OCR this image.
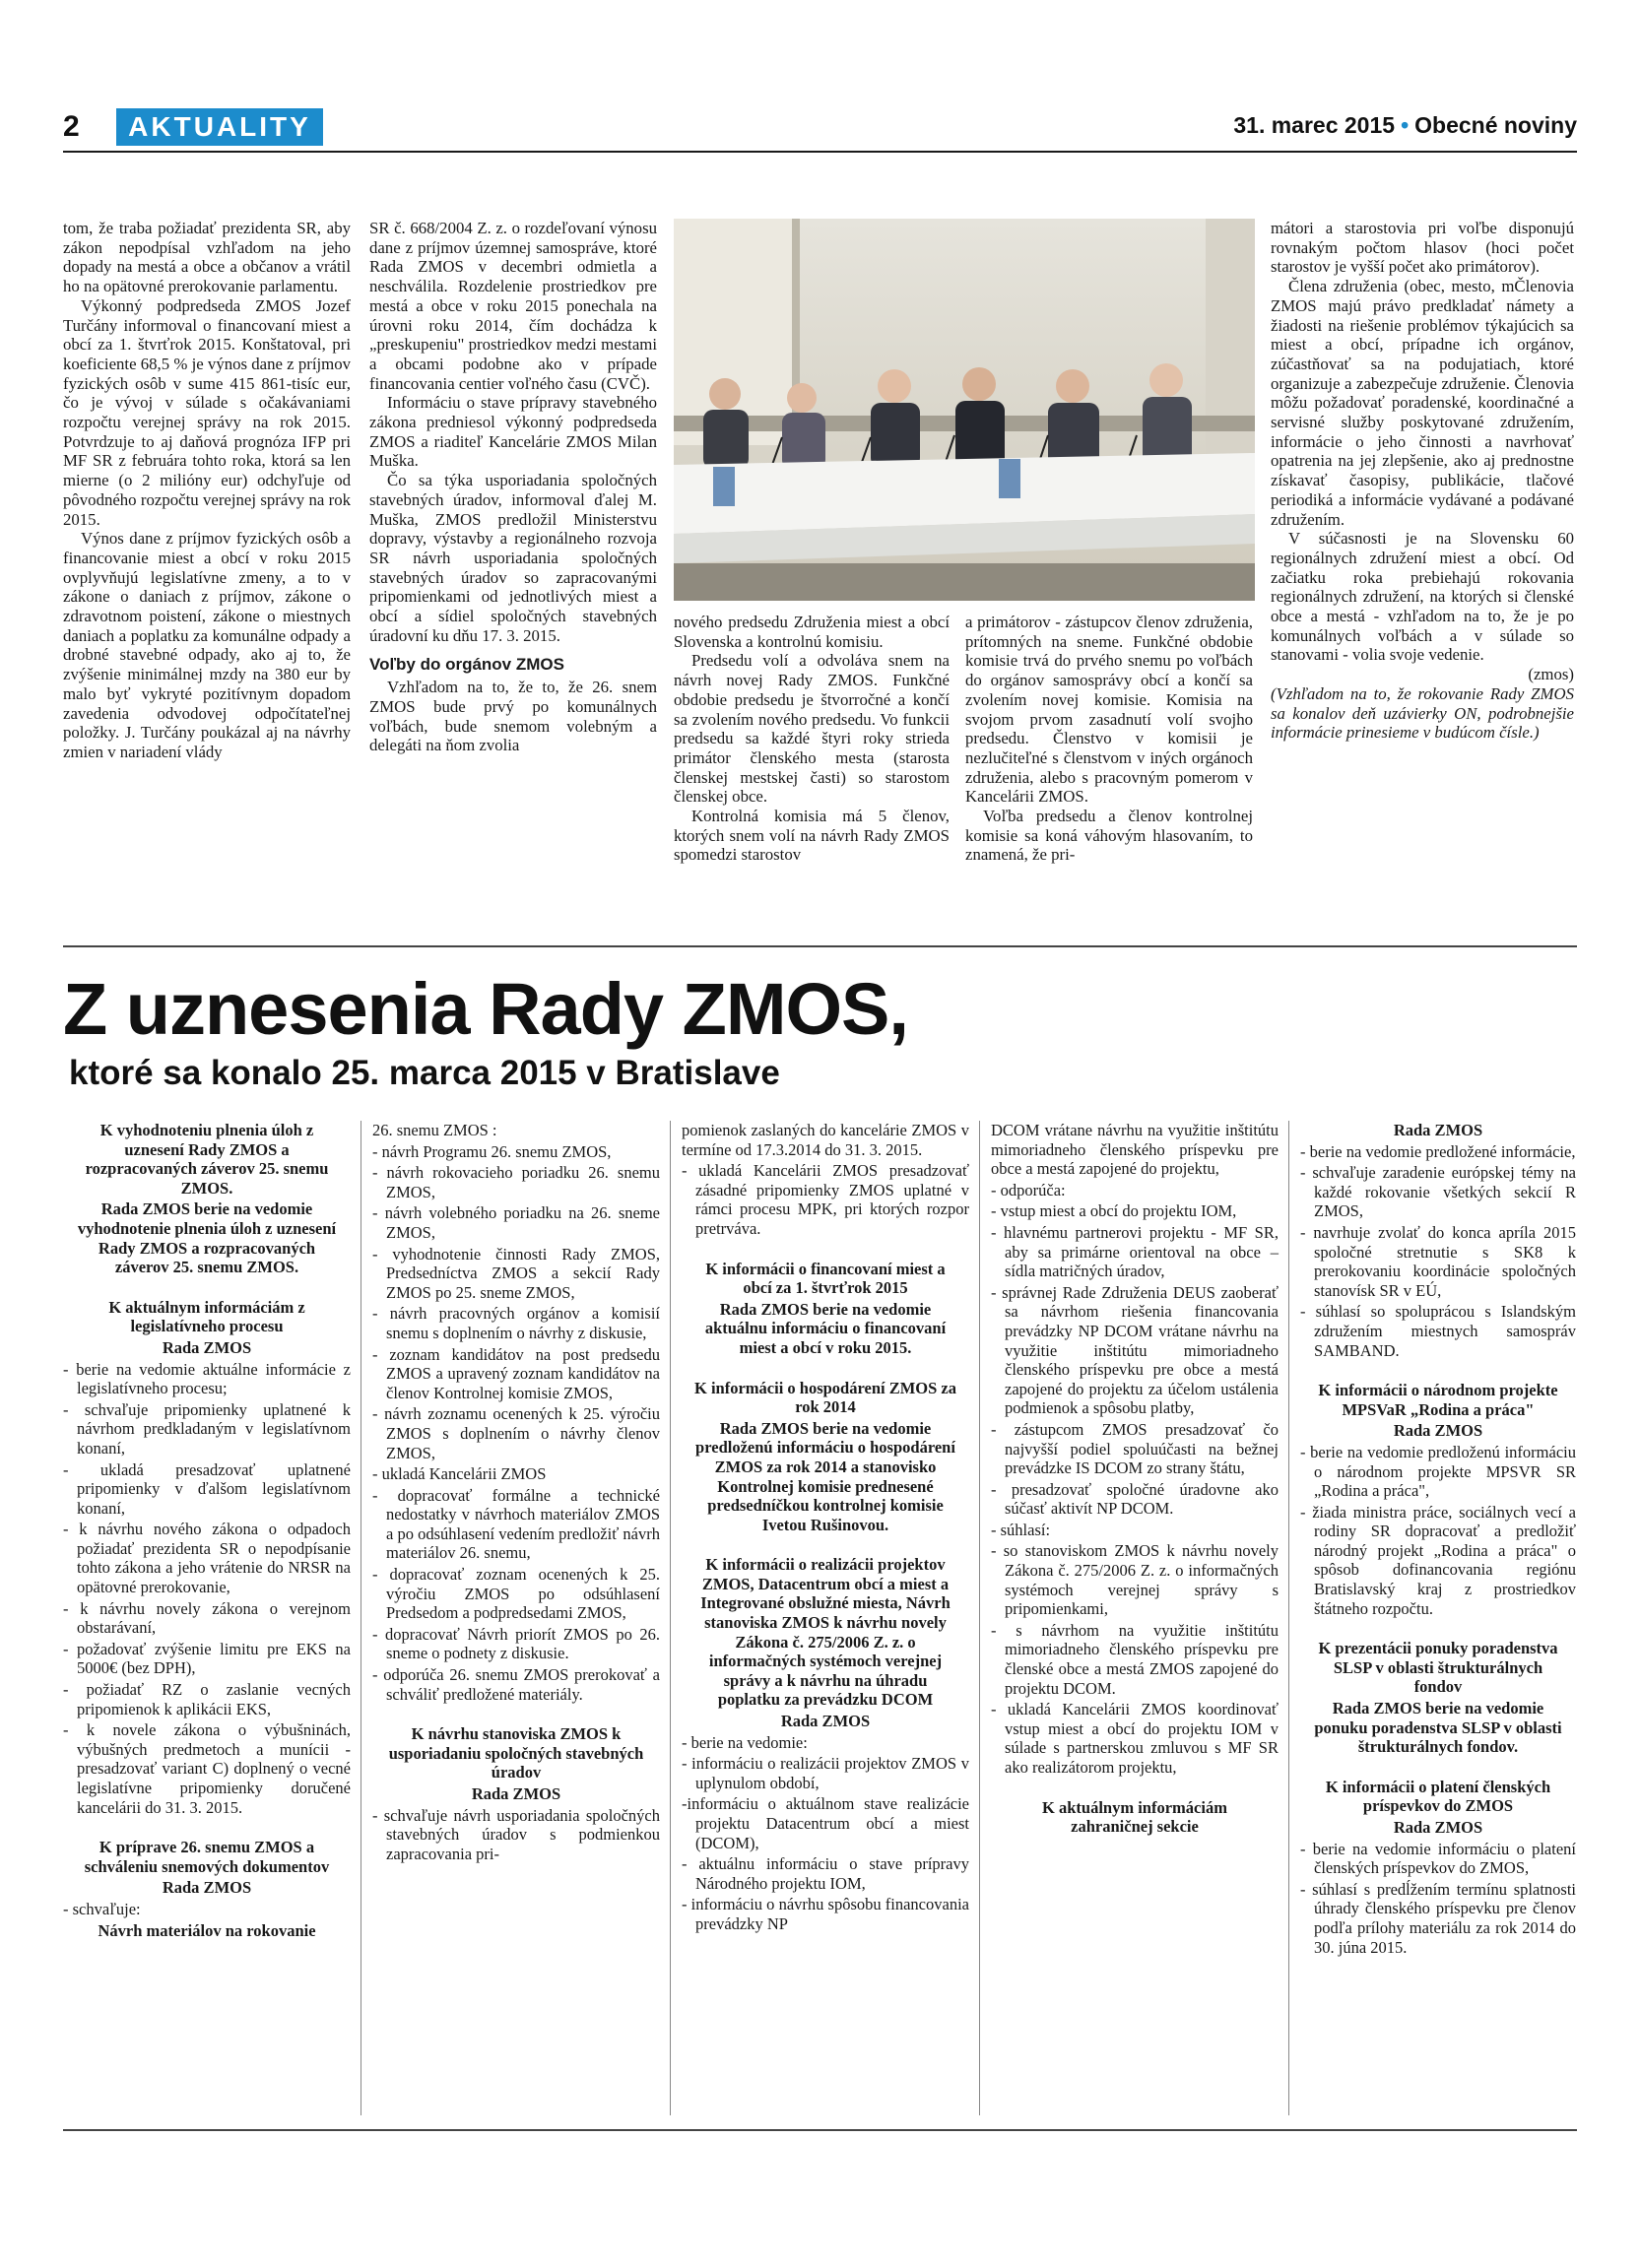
2	AKTUALITY	31. marec 2015 • Obecné noviny

tom, že traba požiadať prezidenta SR, aby zákon nepodpísal vzhľadom na jeho dopady na mestá a obce a občanov a vrátil ho na opätovné prerokovanie parlamentu.

Výkonný podpredseda ZMOS Jozef Turčány informoval o financovaní miest a obcí za 1. štvrťrok 2015. Konštatoval, pri koeficiente 68,5 % je výnos dane z príjmov fyzických osôb v sume 415 861-tisíc eur, čo je vývoj v súlade s očakávaniami rozpočtu verejnej správy na rok 2015. Potvrdzuje to aj daňová prognóza IFP pri MF SR z februára tohto roka, ktorá sa len mierne (o 2 milióny eur) odchyľuje od pôvodného rozpočtu verejnej správy na rok 2015.

Výnos dane z príjmov fyzických osôb a financovanie miest a obcí v roku 2015 ovplyvňujú legislatívne zmeny, a to v zákone o daniach z príjmov, zákone o zdravotnom poistení, zákone o miestnych daniach a poplatku za komunálne odpady a drobné stavebné odpady, ako aj to, že zvýšenie minimálnej mzdy na 380 eur by malo byť vykryté pozitívnym dopadom zavedenia odvodovej odpočítateľnej položky. J. Turčány poukázal aj na návrhy zmien v nariadení vlády

SR č. 668/2004 Z. z. o rozdeľovaní výnosu dane z príjmov územnej samospráve, ktoré Rada ZMOS v decembri odmietla a neschválila. Rozdelenie prostriedkov pre mestá a obce v roku 2015 ponechala na úrovni roku 2014, čím dochádza k „preskupeniu" prostriedkov medzi mestami a obcami podobne ako v prípade financovania centier voľného času (CVČ).

Informáciu o stave prípravy stavebného zákona predniesol výkonný podpredseda ZMOS a riaditeľ Kancelárie ZMOS Milan Muška.

Čo sa týka usporiadania spoločných stavebných úradov, informoval ďalej M. Muška, ZMOS predložil Ministerstvu dopravy, výstavby a regionálneho rozvoja SR návrh usporiadania spoločných stavebných úradov so zapracovanými pripomienkami od jednotlivých miest a obcí a sídiel spoločných stavebných úradovní ku dňu 17. 3. 2015.

Voľby do orgánov ZMOS

Vzhľadom na to, že to, že 26. snem ZMOS bude prvý po komunálnych voľbách, bude snemom volebným a delegáti na ňom zvolia

nového predsedu Združenia miest a obcí Slovenska a kontrolnú komisiu.

Predsedu volí a odvoláva snem na návrh novej Rady ZMOS. Funkčné obdobie predsedu je štvorročné a končí sa zvolením nového predsedu. Vo funkcii predsedu sa každé štyri roky strieda primátor členského mesta (starosta členskej mestskej časti) so starostom členskej obce.

Kontrolná komisia má 5 členov, ktorých snem volí na návrh Rady ZMOS spomedzi starostov

a primátorov - zástupcov členov združenia, prítomných na sneme. Funkčné obdobie komisie trvá do prvého snemu po voľbách do orgánov samosprávy obcí a končí sa zvolením novej komisie. Komisia na svojom prvom zasadnutí volí svojho predsedu. Členstvo v komisii je nezlučiteľné s členstvom v iných orgánoch združenia, alebo s pracovným pomerom v Kancelárii ZMOS.

Voľba predsedu a členov kontrolnej komisie sa koná váhovým hlasovaním, to znamená, že pri-

mátori a starostovia pri voľbe disponujú rovnakým počtom hlasov (hoci počet starostov je vyšší počet ako primátorov).

Člena združenia (obec, mesto, mČlenovia ZMOS majú právo predkladať námety a žiadosti na riešenie problémov týkajúcich sa miest a obcí, prípadne ich orgánov, zúčastňovať sa na podujatiach, ktoré organizuje a zabezpečuje združenie. Členovia môžu požadovať poradenské, koordinačné a servisné služby poskytované združením, informácie o jeho činnosti a navrhovať opatrenia na jej zlepšenie, ako aj prednostne získavať časopisy, publikácie, tlačové periodiká a informácie vydávané a podávané združením.

V súčasnosti je na Slovensku 60 regionálnych združení miest a obcí. Od začiatku roka prebiehajú rokovania regionálnych združení, na ktorých si členské obce a mestá - vzhľadom na to, že je po komunálnych voľbách a v súlade so stanovami - volia svoje vedenie.

(zmos)

(Vzhľadom na to, že rokovanie Rady ZMOS sa konalov deň uzávierky ON, podrobnejšie informácie prinesieme v budúcom čísle.)

Z uznesenia Rady ZMOS,
ktoré sa konalo 25. marca 2015 v Bratislave

K vyhodnoteniu plnenia úloh z uznesení Rady ZMOS a rozpracovaných záverov 25. snemu ZMOS.

Rada ZMOS berie na vedomie vyhodnotenie plnenia úloh z uznesení Rady ZMOS a rozpracovaných záverov 25. snemu ZMOS.

K aktuálnym informáciám z legislatívneho procesu

Rada ZMOS

- berie na vedomie aktuálne informácie z legislatívneho procesu;

- schvaľuje pripomienky uplatnené k návrhom predkladaným v legislatívnom konaní,

- ukladá presadzovať uplatnené pripomienky v ďalšom legislatívnom konaní,

- k návrhu nového zákona o odpadoch požiadať prezidenta SR o nepodpísanie tohto zákona a jeho vrátenie do NRSR na opätovné prerokovanie,

- k návrhu novely zákona o verejnom obstarávaní,

- požadovať zvýšenie limitu pre EKS na 5000€ (bez DPH),

- požiadať RZ o zaslanie vecných pripomienok k aplikácii EKS,

- k novele zákona o výbušninách, výbušných predmetoch a munícii - presadzovať variant C) doplnený o vecné legislatívne pripomienky doručené kancelárii do 31. 3. 2015.

K príprave 26. snemu ZMOS a schváleniu snemových dokumentov

Rada ZMOS

- schvaľuje:

Návrh materiálov na rokovanie

26. snemu ZMOS :

- návrh Programu 26. snemu ZMOS,

- návrh rokovacieho poriadku 26. snemu ZMOS,

- návrh volebného poriadku na 26. sneme ZMOS,

- vyhodnotenie činnosti Rady ZMOS, Predsedníctva ZMOS a sekcií Rady ZMOS po 25. sneme ZMOS,

- návrh pracovných orgánov a komisií snemu s doplnením o návrhy z diskusie,

- zoznam kandidátov na post predsedu ZMOS a upravený zoznam kandidátov na členov Kontrolnej komisie ZMOS,

- návrh zoznamu ocenených k 25. výročiu ZMOS s doplnením o návrhy členov ZMOS,

- ukladá Kancelárii ZMOS

- dopracovať formálne a technické nedostatky v návrhoch materiálov ZMOS a po odsúhlasení vedením predložiť návrh materiálov 26. snemu,

- dopracovať zoznam ocenených k 25. výročiu ZMOS po odsúhlasení Predsedom a podpredsedami ZMOS,

- dopracovať Návrh priorít ZMOS po 26. sneme o podnety z diskusie.

- odporúča 26. snemu ZMOS prerokovať a schváliť predložené materiály.

K návrhu stanoviska ZMOS k usporiadaniu spoločných stavebných úradov

Rada ZMOS

- schvaľuje návrh usporiadania spoločných stavebných úradov s podmienkou zapracovania pri-

pomienok zaslaných do kancelárie ZMOS v termíne od 17.3.2014 do 31. 3. 2015.

- ukladá Kancelárii ZMOS presadzovať zásadné pripomienky ZMOS uplatné v rámci procesu MPK, pri ktorých rozpor pretrváva.

K informácii o financovaní miest a obcí za 1. štvrťrok 2015

Rada ZMOS berie na vedomie aktuálnu informáciu o financovaní miest a obcí v roku 2015.

K informácii o hospodárení ZMOS za rok 2014

Rada ZMOS berie na vedomie predloženú informáciu o hospodárení ZMOS za rok 2014 a stanovisko Kontrolnej komisie prednesené predsedníčkou kontrolnej komisie Ivetou Rušinovou.

K informácii o realizácii projektov ZMOS, Datacentrum obcí a miest a Integrované obslužné miesta, Návrh stanoviska ZMOS k návrhu novely Zákona č. 275/2006 Z. z. o informačných systémoch verejnej správy a k návrhu na úhradu poplatku za prevádzku DCOM

Rada ZMOS

- berie na vedomie:

- informáciu o realizácii projektov ZMOS v uplynulom období,

-informáciu o aktuálnom stave realizácie projektu Datacentrum obcí a miest (DCOM),

- aktuálnu informáciu o stave prípravy Národného projektu IOM,

- informáciu o návrhu spôsobu financovania prevádzky NP

DCOM vrátane návrhu na využitie inštitútu mimoriadneho členského príspevku pre obce a mestá zapojené do projektu,

- odporúča:

- vstup miest a obcí do projektu IOM,

- hlavnému partnerovi projektu - MF SR, aby sa primárne orientoval na obce – sídla matričných úradov,

- správnej Rade Združenia DEUS zaoberať sa návrhom riešenia financovania prevádzky NP DCOM vrátane návrhu na využitie inštitútu mimoriadneho členského príspevku pre obce a mestá zapojené do projektu za účelom ustálenia podmienok a spôsobu platby,

- zástupcom ZMOS presadzovať čo najvyšší podiel spoluúčasti na bežnej prevádzke IS DCOM zo strany štátu,

- presadzovať spoločné úradovne ako súčasť aktivít NP DCOM.

- súhlasí:

- so stanoviskom ZMOS k návrhu novely Zákona č. 275/2006 Z. z. o informačných systémoch verejnej správy s pripomienkami,

- s návrhom na využitie inštitútu mimoriadneho členského príspevku pre členské obce a mestá ZMOS zapojené do projektu DCOM.

- ukladá Kancelárii ZMOS koordinovať vstup miest a obcí do projektu IOM v súlade s partnerskou zmluvou s MF SR ako realizátorom projektu,

K aktuálnym informáciám zahraničnej sekcie

Rada ZMOS

- berie na vedomie predložené informácie,

- schvaľuje zaradenie európskej témy na každé rokovanie všetkých sekcií R ZMOS,

- navrhuje zvolať do konca apríla 2015 spoločné stretnutie s SK8 k prerokovaniu koordinácie spoločných stanovísk SR v EÚ,

- súhlasí so spoluprácou s Islandským združením miestnych samospráv SAMBAND.

K informácii o národnom projekte MPSVaR „Rodina a práca"

Rada ZMOS

- berie na vedomie predloženú informáciu o národnom projekte MPSVR SR „Rodina a práca",

- žiada ministra práce, sociálnych vecí a rodiny SR dopracovať a predložiť národný projekt „Rodina a práca" o spôsob dofinancovania regiónu Bratislavský kraj z prostriedkov štátneho rozpočtu.

K prezentácii ponuky poradenstva SLSP v oblasti štrukturálnych fondov

Rada ZMOS berie na vedomie ponuku poradenstva SLSP v oblasti štrukturálnych fondov.

K informácii o platení členských príspevkov do ZMOS

Rada ZMOS

- berie na vedomie informáciu o platení členských príspevkov do ZMOS,

- súhlasí s predĺžením termínu splatnosti úhrady členského príspevku pre členov podľa prílohy materiálu za rok 2014 do 30. júna 2015.
